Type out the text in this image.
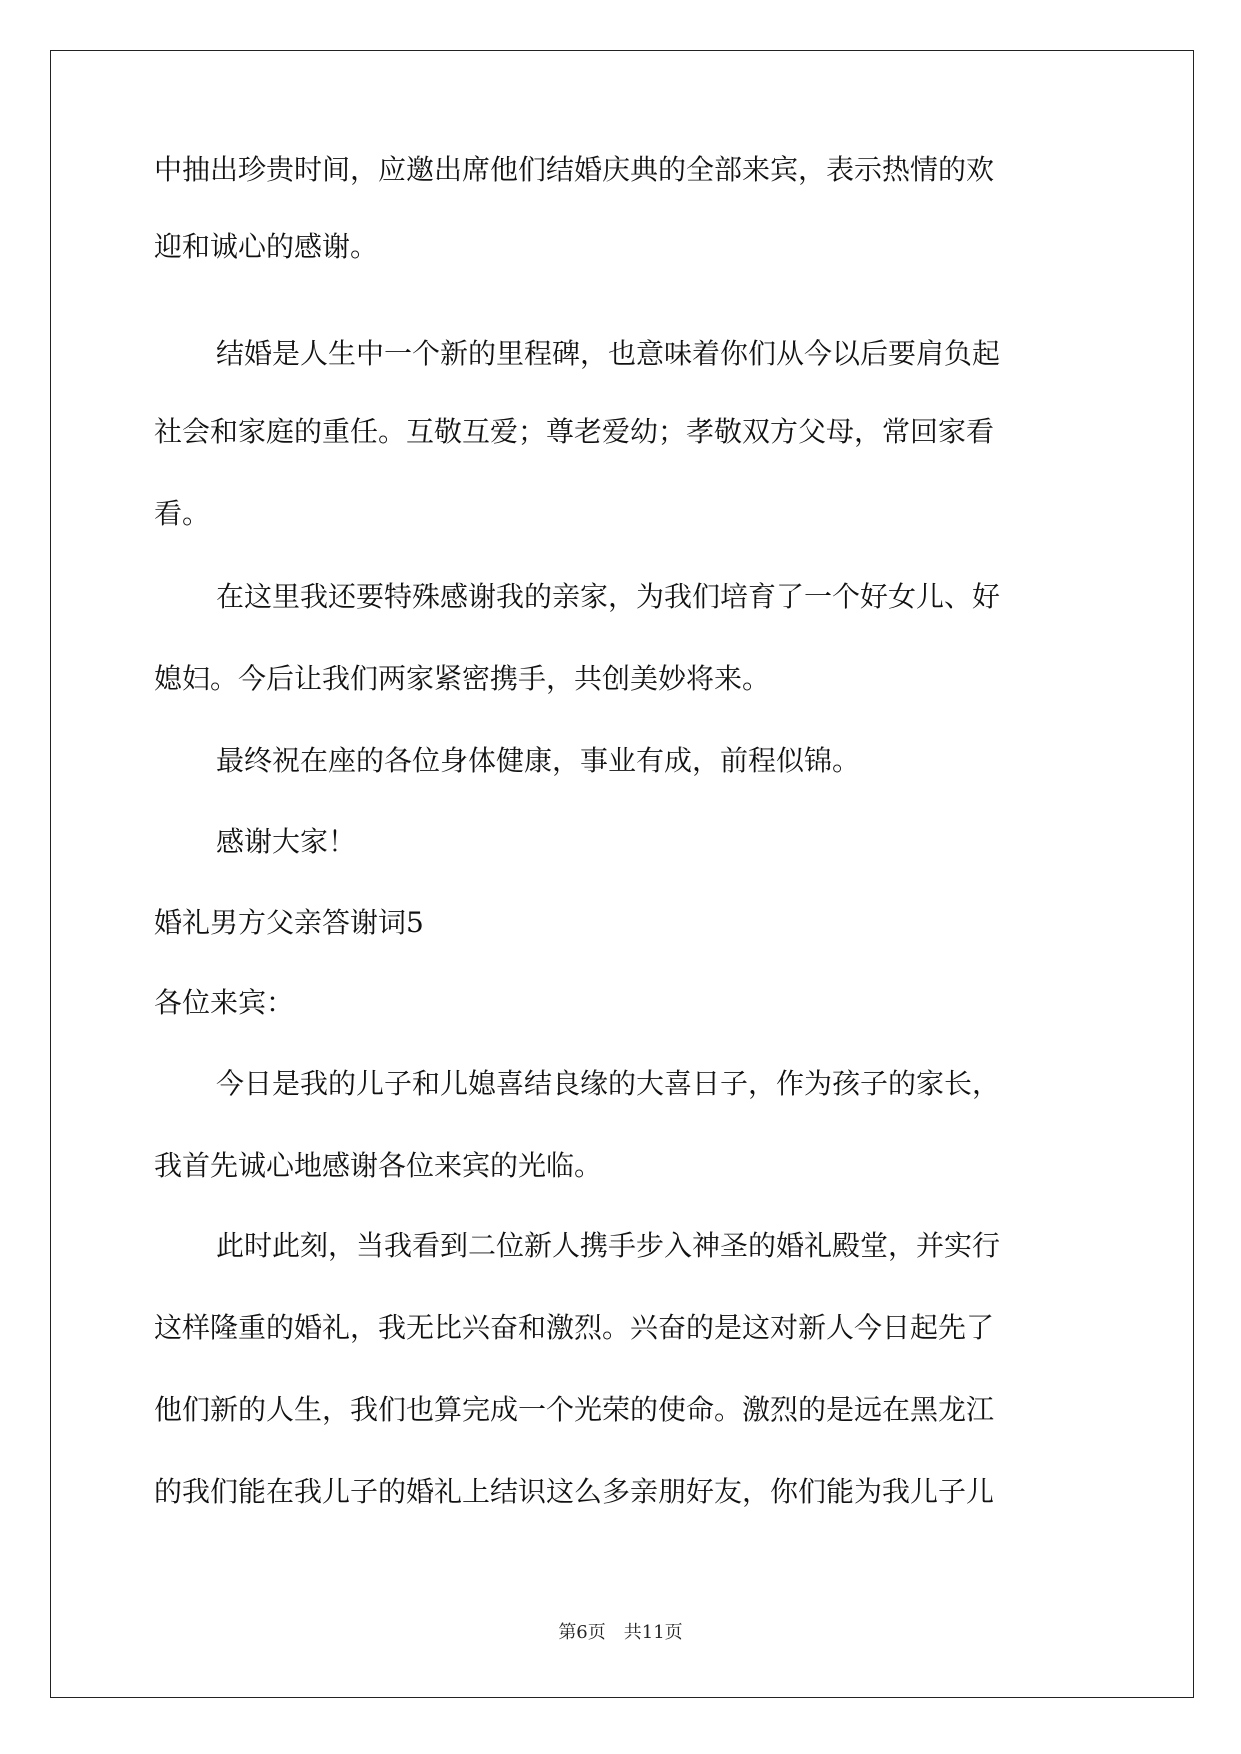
中抽出珍贵时间，应邀出席他们结婚庆典的全部来宾，表示热情的欢
迎和诚心的感谢。
结婚是人生中一个新的里程碑，也意味着你们从今以后要肩负起
社会和家庭的重任。互敬互爱；尊老爱幼；孝敬双方父母，常回家看
看。
在这里我还要特殊感谢我的亲家，为我们培育了一个好女儿、好
媳妇。今后让我们两家紧密携手，共创美妙将来。
最终祝在座的各位身体健康，事业有成，前程似锦。
感谢大家！
婚礼男方父亲答谢词5
各位来宾：
今日是我的儿子和儿媳喜结良缘的大喜日子，作为孩子的家长，
我首先诚心地感谢各位来宾的光临。
此时此刻，当我看到二位新人携手步入神圣的婚礼殿堂，并实行
这样隆重的婚礼，我无比兴奋和激烈。兴奋的是这对新人今日起先了
他们新的人生，我们也算完成一个光荣的使命。激烈的是远在黑龙江
的我们能在我儿子的婚礼上结识这么多亲朋好友，你们能为我儿子儿
第6页 共11页
